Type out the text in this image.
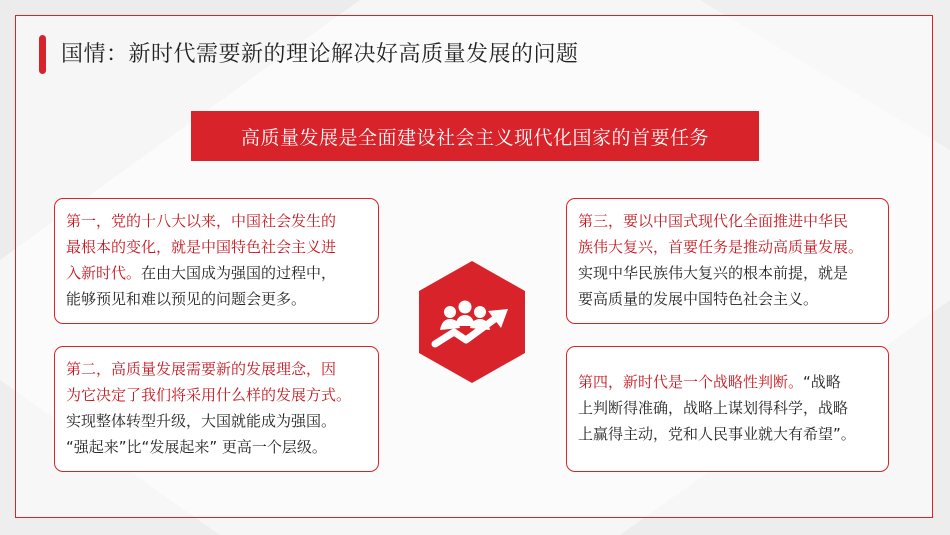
国情：新时代需要新的理论解决好高质量发展的问题
高质量发展是全面建设社会主义现代化国家的首要任务
第一，党的十八大以来，中国社会发生的
最根本的变化，就是中国特色社会主义进
入新时代。在由大国成为强国的过程中，
能够预见和难以预见的问题会更多。
第二，高质量发展需要新的发展理念，因
为它决定了我们将采用什么样的发展方式。
实现整体转型升级，大国就能成为强国。
“强起来”比“发展起来” 更高一个层级。
第三，要以中国式现代化全面推进中华民
族伟大复兴，首要任务是推动高质量发展。
实现中华民族伟大复兴的根本前提，就是
要高质量的发展中国特色社会主义。
第四，新时代是一个战略性判断。“战略
上判断得准确，战略上谋划得科学，战略
上赢得主动，党和人民事业就大有希望”。
